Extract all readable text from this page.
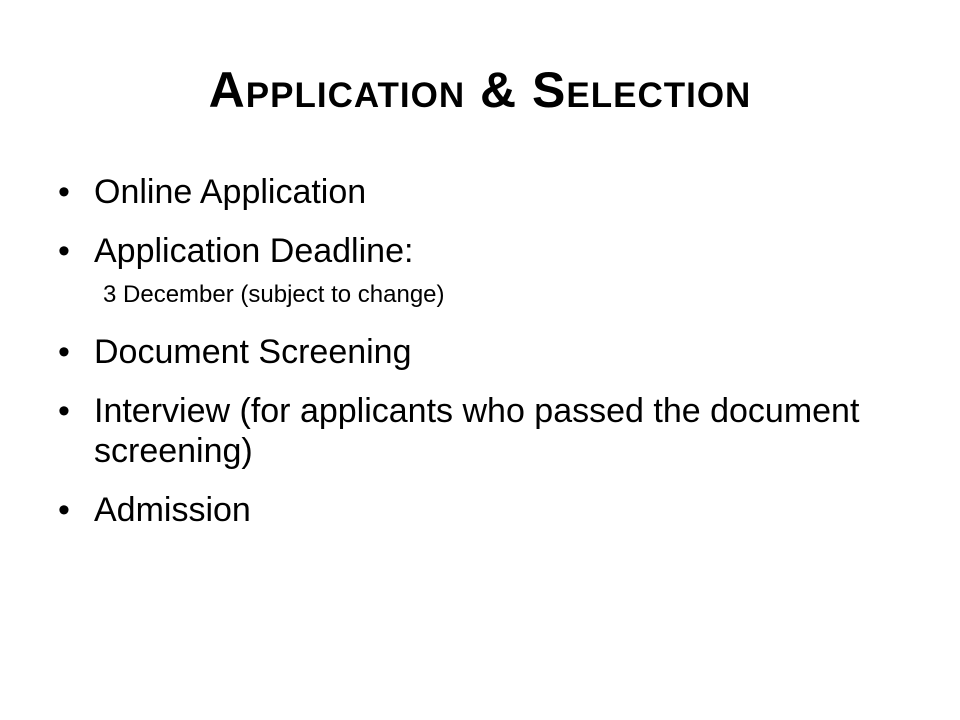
Application & Selection
• Online Application
• Application Deadline:
3 December (subject to change)
• Document Screening
• Interview (for applicants who passed the document screening)
• Admission
